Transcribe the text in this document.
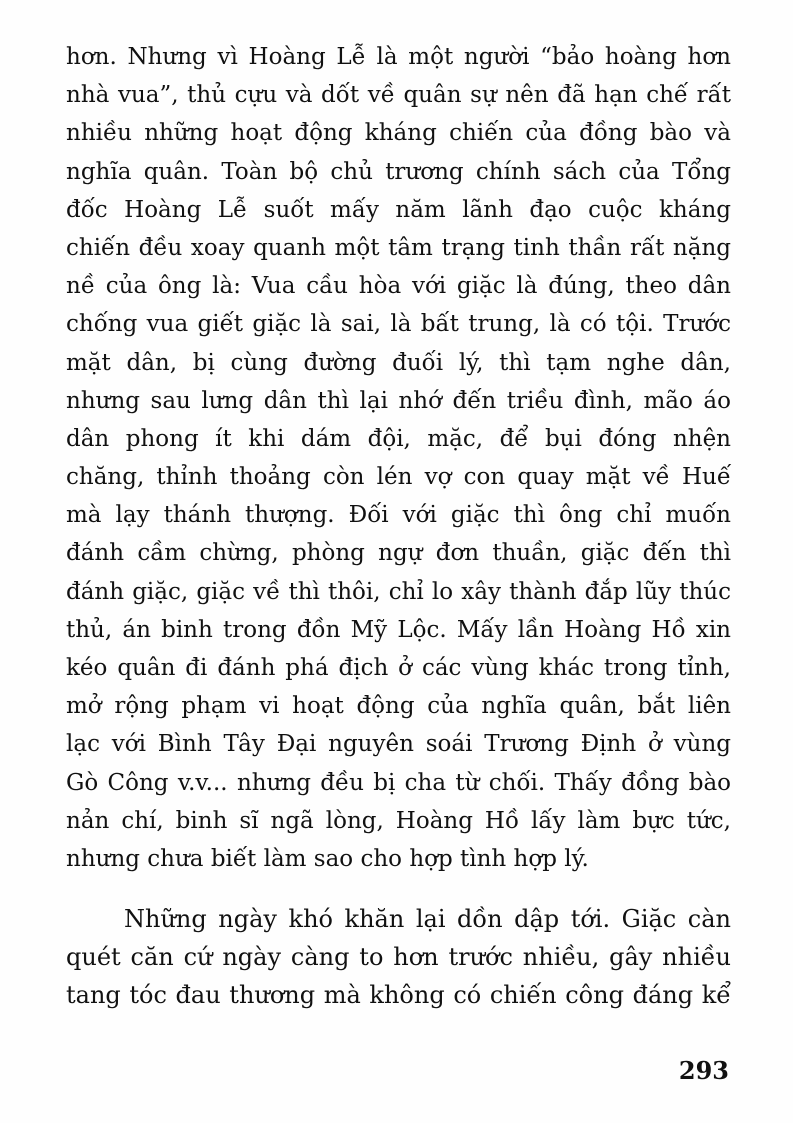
hơn. Nhưng vì Hoàng Lễ là một người “bảo hoàng hơn
nhà vua”, thủ cựu và dốt về quân sự nên đã hạn chế rất
nhiều những hoạt động kháng chiến của đồng bào và
nghĩa quân. Toàn bộ chủ trương chính sách của Tổng
đốc Hoàng Lễ suốt mấy năm lãnh đạo cuộc kháng
chiến đều xoay quanh một tâm trạng tinh thần rất nặng
nề của ông là: Vua cầu hòa với giặc là đúng, theo dân
chống vua giết giặc là sai, là bất trung, là có tội. Trước
mặt dân, bị cùng đường đuối lý, thì tạm nghe dân,
nhưng sau lưng dân thì lại nhớ đến triều đình, mão áo
dân phong ít khi dám đội, mặc, để bụi đóng nhện
chăng, thỉnh thoảng còn lén vợ con quay mặt về Huế
mà lạy thánh thượng. Đối với giặc thì ông chỉ muốn
đánh cầm chừng, phòng ngự đơn thuần, giặc đến thì
đánh giặc, giặc về thì thôi, chỉ lo xây thành đắp lũy thúc
thủ, án binh trong đồn Mỹ Lộc. Mấy lần Hoàng Hồ xin
kéo quân đi đánh phá địch ở các vùng khác trong tỉnh,
mở rộng phạm vi hoạt động của nghĩa quân, bắt liên
lạc với Bình Tây Đại nguyên soái Trương Định ở vùng
Gò Công v.v... nhưng đều bị cha từ chối. Thấy đồng bào
nản chí, binh sĩ ngã lòng, Hoàng Hồ lấy làm bực tức,
nhưng chưa biết làm sao cho hợp tình hợp lý.
Những ngày khó khăn lại dồn dập tới. Giặc càn
quét căn cứ ngày càng to hơn trước nhiều, gây nhiều
tang tóc đau thương mà không có chiến công đáng kể
293
